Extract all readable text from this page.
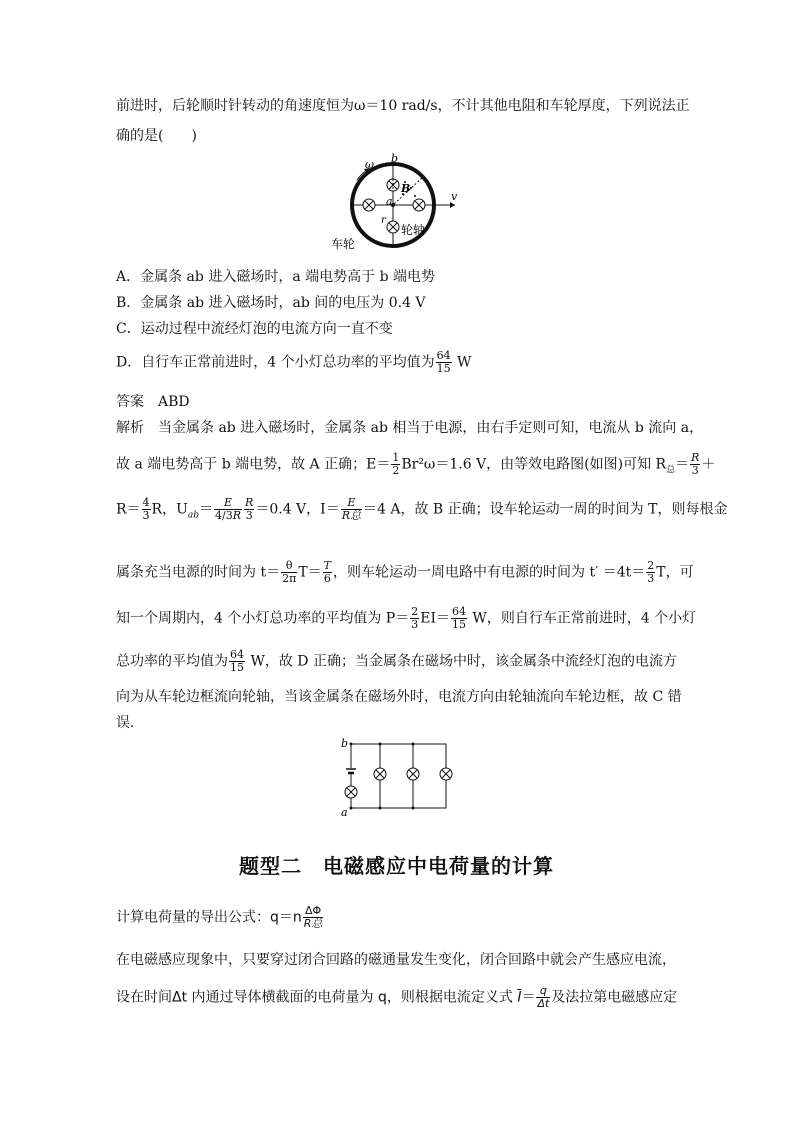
前进时，后轮顺时针转动的角速度恒为ω＝10 rad/s，不计其他电阻和车轮厚度，下列说法正
确的是(　　)
ω b
B
a
r
v
轮轴
车轮
A．金属条 ab 进入磁场时，a 端电势高于 b 端电势
B．金属条 ab 进入磁场时，ab 间的电压为 0.4 V
C．运动过程中流经灯泡的电流方向一直不变
D．自行车正常前进时，4 个小灯总功率的平均值为 $\frac{64}{15}$ W
答案　 ABD
解析　 当金属条 ab 进入磁场时，金属条 ab 相当于电源，由右手定则可知，电流从 b 流向 a，
故 a 端电势高于 b 端电势，故 A 正确；$E= \frac{1}{2} Br^2\omega=1.6$ V，由等效电路图(如图)可知 $R_总= \frac{R}{3}$ ＋
$R= \frac{4}{3}$ R，$U_{ab}= \frac{E}{4/3R} \frac{R}{3} =0.4$ V，$I= \frac{E}{\text{R总}} =4$ A，故 B 正确；设车轮运动一周的时间为 T，则每根金
属条充当电源的时间为 $t= \frac{\theta}{2\pi} T= \frac{T}{6}$ ，则车轮运动一周电路中有电源的时间为 $t' =4t= \frac{2}{3}$ T，可
知一个周期内，4 个小灯总功率的平均值为 $P= \frac{2}{3} EI= \frac{64}{15}$ W，则自行车正常前进时，4 个小灯
总功率的平均值为 $\frac{64}{15}$ W，故 D 正确；当金属条在磁场中时，该金属条中流经灯泡的电流方
向为从车轮边框流向轮轴，当该金属条在磁场外时，电流方向由轮轴流向车轮边框，故 C 错
误．
b
a
题型二　电磁感应中电荷量的计算
计算电荷量的导出公式：$q=n \frac{\Delta\Phi}{\text{R总}}$
在电磁感应现象中，只要穿过闭合回路的磁通量发生变化，闭合回路中就会产生感应电流，
设在时间Δt 内通过导体横截面的电荷量为 q，则根据电流定义式 $\overline{I}= \frac{q}{\Delta t}$ 及法拉第电磁感应定
